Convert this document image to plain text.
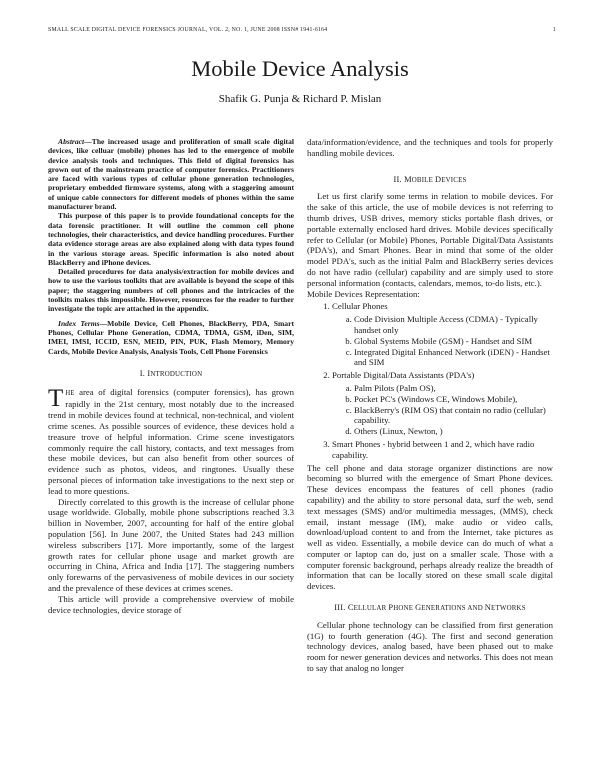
SMALL SCALE DIGITAL DEVICE FORENSICS JOURNAL, VOL. 2, NO. 1, JUNE 2008 ISSN# 1941-6164	1
Mobile Device Analysis
Shafik G. Punja & Richard P. Mislan

Abstract—The increased usage and proliferation of small scale digital devices, like celluar (mobile) phones has led to the emergence of mobile device analysis tools and techniques. This field of digital forensics has grown out of the mainstream practice of computer forensics. Practitioners are faced with various types of cellular phone generation technologies, proprietary embedded firmware systems, along with a staggering amount of unique cable connectors for different models of phones within the same manufacturer brand.

This purpose of this paper is to provide foundational concepts for the data forensic practitioner. It will outline the common cell phone technologies, their characteristics, and device handling procedures. Further data evidence storage areas are also explained along with data types found in the various storage areas. Specific information is also noted about BlackBerry and iPhone devices.

Detailed procedures for data analysis/extraction for mobile devices and how to use the various toolkits that are available is beyond the scope of this paper; the staggering numbers of cell phones and the intricacies of the toolkits makes this impossible. However, resources for the reader to further investigate the topic are attached in the appendix.

Index Terms—Mobile Device, Cell Phones, BlackBerry, PDA, Smart Phones, Cellular Phone Generation, CDMA, TDMA, GSM, iDen, SIM, IMEI, IMSI, ICCID, ESN, MEID, PIN, PUK, Flash Memory, Memory Cards, Mobile Device Analysis, Analysis Tools, Cell Phone Forensics

I. INTRODUCTION

THE area of digital forensics (computer forensics), has grown rapidly in the 21st century, most notably due to the increased trend in mobile devices found at technical, non-technical, and violent crime scenes. As possible sources of evidence, these devices hold a treasure trove of helpful information. Crime scene investigators commonly require the call history, contacts, and text messages from these mobile devices, but can also benefit from other sources of evidence such as photos, videos, and ringtones. Usually these personal pieces of information take investigations to the next step or lead to more questions.

Directly correlated to this growth is the increase of cellular phone usage worldwide. Globally, mobile phone subscriptions reached 3.3 billion in November, 2007, accounting for half of the entire global population [56]. In June 2007, the United States had 243 million wireless subscribers [17]. More importantly, some of the largest growth rates for cellular phone usage and market growth are occurring in China, Africa and India [17]. The staggering numbers only forewarns of the pervasiveness of mobile devices in our society and the prevalence of these devices at crimes scenes.

This article will provide a comprehensive overview of mobile device technologies, device storage of

data/information/evidence, and the techniques and tools for properly handling mobile devices.

II. MOBILE DEVICES

Let us first clarify some terms in relation to mobile devices. For the sake of this article, the use of mobile devices is not referring to thumb drives, USB drives, memory sticks portable flash drives, or portable externally enclosed hard drives. Mobile devices specifically refer to Cellular (or Mobile) Phones, Portable Digital/Data Assistants (PDA's), and Smart Phones. Bear in mind that some of the older model PDA's, such as the initial Palm and BlackBerry series devices do not have radio (cellular) capability and are simply used to store personal information (contacts, calendars, memos, to-do lists, etc.).

Mobile Devices Representation:

1. Cellular Phones
a. Code Division Multiple Access (CDMA) - Typically handset only
b. Global Systems Mobile (GSM) - Handset and SIM
c. Integrated Digital Enhanced Network (iDEN) - Handset and SIM
2. Portable Digital/Data Assistants (PDA's)
a. Palm Pilots (Palm OS),
b. Pocket PC's (Windows CE, Windows Mobile),
c. BlackBerry's (RIM OS) that contain no radio (cellular) capability.
d. Others (Linux, Newton, )
3. Smart Phones - hybrid between 1 and 2, which have radio capability.

The cell phone and data storage organizer distinctions are now becoming so blurred with the emergence of Smart Phone devices. These devices encompass the features of cell phones (radio capability) and the ability to store personal data, surf the web, send text messages (SMS) and/or multimedia messages, (MMS), check email, instant message (IM), make audio or video calls, download/upload content to and from the Internet, take pictures as well as video. Essentially, a mobile device can do much of what a computer or laptop can do, just on a smaller scale. Those with a computer forensic background, perhaps already realize the breadth of information that can be locally stored on these small scale digital devices.

III. CELLULAR PHONE GENERATIONS AND NETWORKS

Cellular phone technology can be classified from first generation (1G) to fourth generation (4G). The first and second generation technology devices, analog based, have been phased out to make room for newer generation devices and networks. This does not mean to say that analog no longer
